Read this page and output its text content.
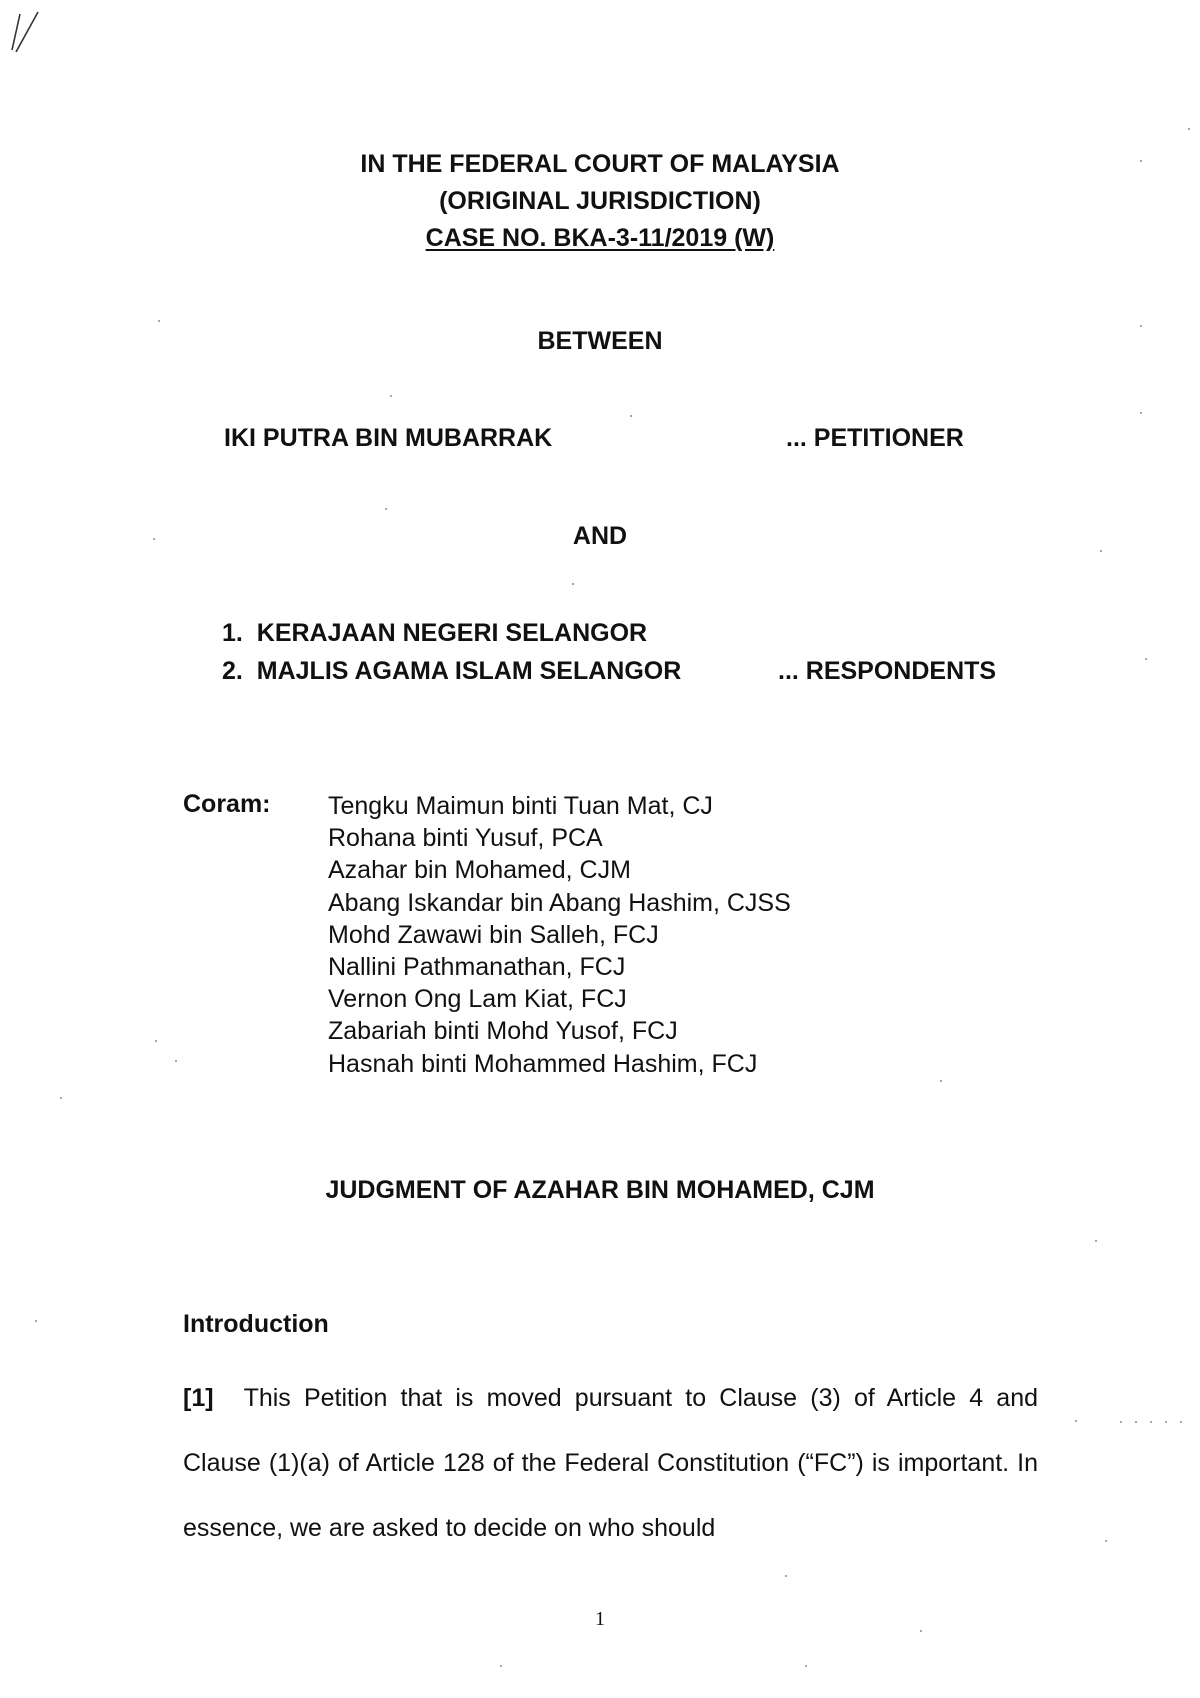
IN THE FEDERAL COURT OF MALAYSIA
(ORIGINAL JURISDICTION)
CASE NO. BKA-3-11/2019 (W)
BETWEEN
IKI PUTRA BIN MUBARRAK	... PETITIONER
AND
1. KERAJAAN NEGERI SELANGOR
2. MAJLIS AGAMA ISLAM SELANGOR	... RESPONDENTS
Coram: Tengku Maimun binti Tuan Mat, CJ
Rohana binti Yusuf, PCA
Azahar bin Mohamed, CJM
Abang Iskandar bin Abang Hashim, CJSS
Mohd Zawawi bin Salleh, FCJ
Nallini Pathmanathan, FCJ
Vernon Ong Lam Kiat, FCJ
Zabariah binti Mohd Yusof, FCJ
Hasnah binti Mohammed Hashim, FCJ
JUDGMENT OF AZAHAR BIN MOHAMED, CJM
Introduction

[1] This Petition that is moved pursuant to Clause (3) of Article 4 and Clause (1)(a) of Article 128 of the Federal Constitution (“FC”) is important. In essence, we are asked to decide on who should

1
